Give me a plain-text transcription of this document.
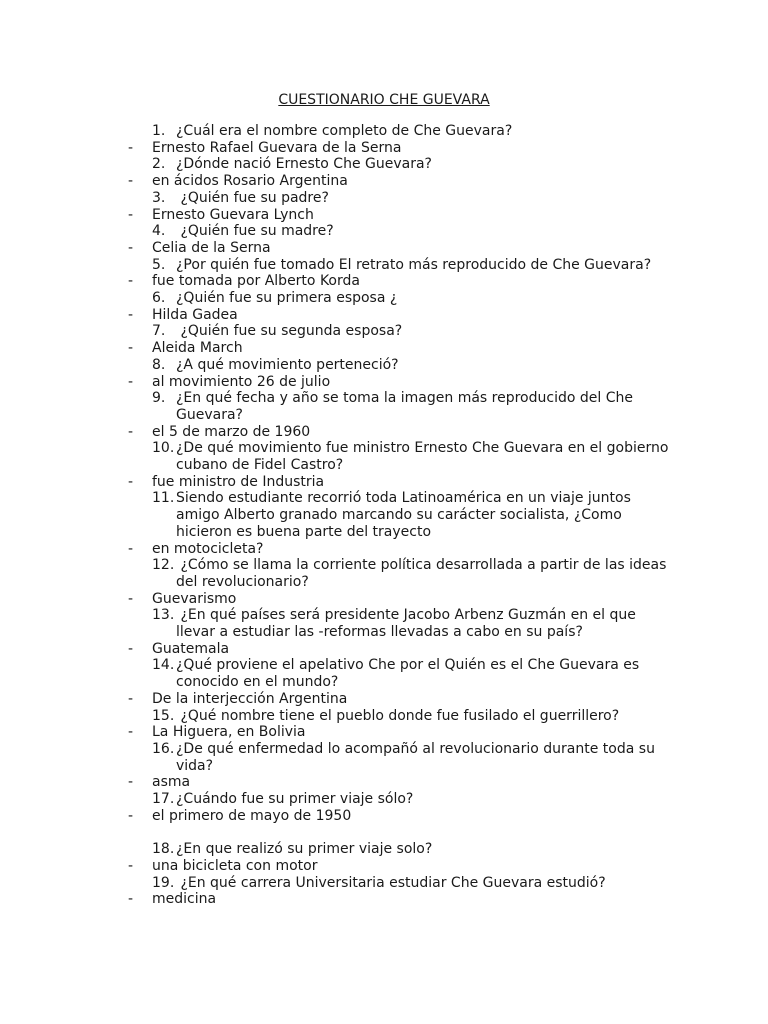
CUESTIONARIO CHE GUEVARA
1. ¿Cuál era el nombre completo de Che Guevara?
- Ernesto Rafael Guevara de la Serna
2. ¿Dónde nació Ernesto Che Guevara?
- en ácidos Rosario Argentina
3. ¿Quién fue su padre?
- Ernesto Guevara Lynch
4. ¿Quién fue su madre?
- Celia de la Serna
5. ¿Por quién fue tomado El retrato más reproducido de Che Guevara?
- fue tomada por Alberto Korda
6. ¿Quién fue su primera esposa ¿
- Hilda Gadea
7. ¿Quién fue su segunda esposa?
- Aleida March
8. ¿A qué movimiento perteneció?
- al movimiento 26 de julio
9. ¿En qué fecha y año se toma la imagen más reproducido del Che
Guevara?
- el 5 de marzo de 1960
10. ¿De qué movimiento fue ministro Ernesto Che Guevara en el gobierno
cubano de Fidel Castro?
- fue ministro de Industria
11. Siendo estudiante recorrió toda Latinoamérica en un viaje juntos
amigo Alberto granado marcando su carácter socialista, ¿Como
hicieron es buena parte del trayecto
- en motocicleta?
12. ¿Cómo se llama la corriente política desarrollada a partir de las ideas
del revolucionario?
- Guevarismo
13. ¿En qué países será presidente Jacobo Arbenz Guzmán en el que
llevar a estudiar las -reformas llevadas a cabo en su país?
- Guatemala
14. ¿Qué proviene el apelativo Che por el Quién es el Che Guevara es
conocido en el mundo?
- De la interjección Argentina
15. ¿Qué nombre tiene el pueblo donde fue fusilado el guerrillero?
- La Higuera, en Bolivia
16. ¿De qué enfermedad lo acompañó al revolucionario durante toda su
vida?
- asma
17. ¿Cuándo fue su primer viaje sólo?
- el primero de mayo de 1950
18. ¿En que realizó su primer viaje solo?
- una bicicleta con motor
19. ¿En qué carrera Universitaria estudiar Che Guevara estudió?
- medicina
